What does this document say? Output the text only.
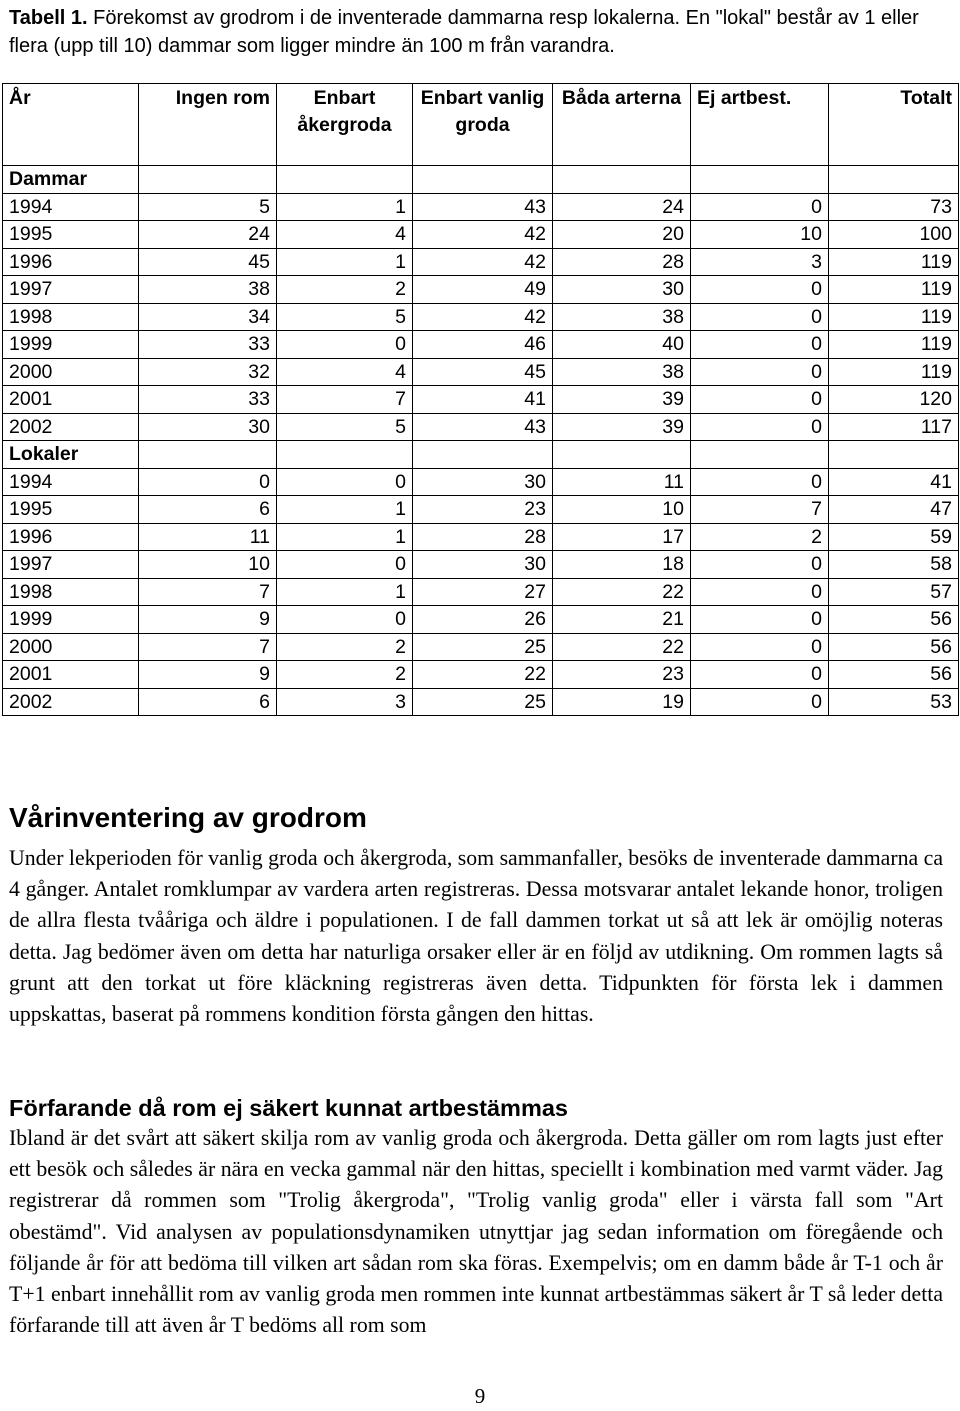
Tabell 1. Förekomst av grodrom i de inventerade dammarna resp lokalerna. En "lokal" består av 1 eller flera (upp till 10) dammar som ligger mindre än 100 m från varandra.
År	Ingen rom	Enbart åkergroda	Enbart vanlig groda	Båda arterna	Ej artbest.	Totalt
Dammar						
1994	5	1	43	24	0	73
1995	24	4	42	20	10	100
1996	45	1	42	28	3	119
1997	38	2	49	30	0	119
1998	34	5	42	38	0	119
1999	33	0	46	40	0	119
2000	32	4	45	38	0	119
2001	33	7	41	39	0	120
2002	30	5	43	39	0	117
Lokaler						
1994	0	0	30	11	0	41
1995	6	1	23	10	7	47
1996	11	1	28	17	2	59
1997	10	0	30	18	0	58
1998	7	1	27	22	0	57
1999	9	0	26	21	0	56
2000	7	2	25	22	0	56
2001	9	2	22	23	0	56
2002	6	3	25	19	0	53
Vårinventering av grodrom
Under lekperioden för vanlig groda och åkergroda, som sammanfaller, besöks de inventerade dammarna ca 4 gånger. Antalet romklumpar av vardera arten registreras. Dessa motsvarar antalet lekande honor, troligen de allra flesta tvååriga och äldre i populationen. I de fall dammen torkat ut så att lek är omöjlig noteras detta. Jag bedömer även om detta har naturliga orsaker eller är en följd av utdikning. Om rommen lagts så grunt att den torkat ut före kläckning registreras även detta. Tidpunkten för första lek i dammen uppskattas, baserat på rommens kondition första gången den hittas.
Förfarande då rom ej säkert kunnat artbestämmas
Ibland är det svårt att säkert skilja rom av vanlig groda och åkergroda. Detta gäller om rom lagts just efter ett besök och således är nära en vecka gammal när den hittas, speciellt i kombination med varmt väder. Jag registrerar då rommen som "Trolig åkergroda", "Trolig vanlig groda" eller i värsta fall som "Art obestämd". Vid analysen av populationsdynamiken utnyttjar jag sedan information om föregående och följande år för att bedöma till vilken art sådan rom ska föras. Exempelvis; om en damm både år T-1 och år T+1 enbart innehållit rom av vanlig groda men rommen inte kunnat artbestämmas säkert år T så leder detta förfarande till att även år T bedöms all rom som
9
